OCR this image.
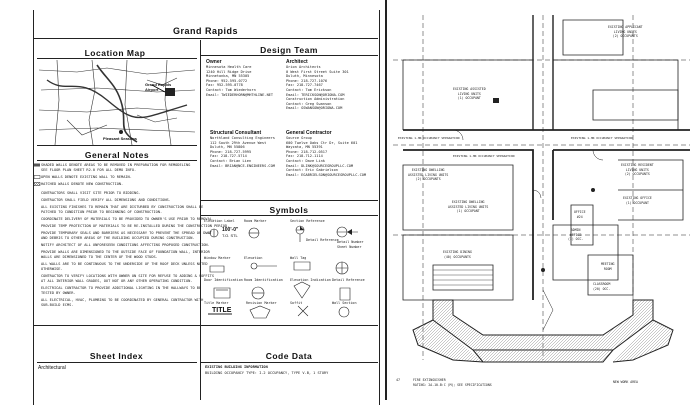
Grand Rapids
Location Map
Grand Rapids Airport
Pleasant Seasons
Design Team
Owner
Minnesota Health Care
1240 Hill Ridge Drive
Minnetonka, MN 55305
Phone: 952-595-0772
Fax: 952-595-0778
Contact: Tom Wiederhorn
Email: TWIEDERHORN@MHTHLINE.NET
Architect
Orion Architects
0 West First Street Suite 301
Duluth, Minnesota
Phone: 218-727-1076
Fax: 218-727-7467
Contact: Tom Erickson
Email: TERICKSON@ORIONA.COM
Construction Administration
Contact: Greg Swanson
Email: GSWANSON@ORIONA.COM
Structural Consultant
Northland Consulting Engineers
112 South 29th Avenue West
Duluth, MN 55806
Phone: 218-727-5995
Fax: 218-727-5714
Contact: Brian Lien
Email: BRIAN@NCE-ENGINEERS.COM
General Contractor
Source Group
600 Twelve Oaks Ctr Dr, Suite 601
Wayzata, MN 55391
Phone: 218-712-0517
Fax: 218-712-1114
Contact: Dave Link
Email: DLINK@SOURCEGROUPLLC.COM
Contact: Eric Gabrielson
Email: EGABRIELSON@SOURCEGROUPLLC.COM
General Notes
SHADED WALLS DENOTE AREAS TO BE REMOVED IN PREPARATION FOR REMODELING
SEE FLOOR PLAN SHEET R2.0 FOR ALL DEMO INFO.
OPEN WALLS DENOTE EXISTING WALL TO REMAIN.
HATCHED WALLS DENOTE NEW CONSTRUCTION.
CONTRACTORS SHALL VISIT SITE PRIOR TO BIDDING.
CONTRACTOR SHALL FIELD VERIFY ALL DIMENSIONS AND CONDITIONS.
ALL EXISTING FINISHES TO REMAIN THAT ARE DISTURBED BY CONSTRUCTION SHALL BE
PATCHED TO CONDITION PRIOR TO BEGINNING OF CONSTRUCTION.
COORDINATE DELIVERY OF MATERIALS TO BE PROVIDED TO OWNER'S USE PRIOR TO REMOVAL.
PROVIDE TEMP PROTECTION OF MATERIALS TO BE RE-INSTALLED DURING THE CONSTRUCTION PERIOD.
PROVIDE TEMPORARY SEALS AND BARRIERS AS NECESSARY TO PREVENT THE SPREAD OF DUST
AND DEBRIS TO OTHER AREAS OF THE BUILDING OCCUPIED DURING CONSTRUCTION.
NOTIFY ARCHITECT OF ALL UNFORESEEN CONDITIONS AFFECTING PROPOSED CONSTRUCTION.
PROVIDE WALLS ARE DIMENSIONED TO THE OUTSIDE FACE OF FOUNDATION WALL, INTERIOR
WALLS ARE DIMENSIONED TO THE CENTER OF THE WOOD STUDS.
ALL WALLS ARE TO BE CONTINUOUS TO THE UNDERSIDE OF THE ROOF DECK UNLESS NOTED
OTHERWISE.
CONTRACTOR TO VERIFY LOCATIONS WITH OWNER ON SITE FOR REFUSE TO ADDING & SOFFITS
AT ALL INTERIOR WALL GRADES, OUT NOT OR ANY OTHER OPERATING CONDITION.
ELECTRICAL CONTRACTOR TO PROVIDE ADDITIONAL LIGHTING IN THE HALLWAYS TO BE
TESTED BY OWNER.
ALL ELECTRICAL, HVAC, PLUMBING TO BE COORDINATED BY GENERAL CONTRACTOR WITH
SUB-BUILD ECMS.
Symbols
100'-0"
T.O. STL
TITLE
Elevation Label	Room Marker	Section Reference
Detail Reference
Detail Number
Sheet Number
Window Marker	Elevation
Door Identification Room Identification
Wall Tag
Title Marker	Revision Marker
Detail Reference
Elevation Indication
Soffit	Wall Section
Sheet Index
Architectural
Code Data
EXISTING BUILDING INFORMATION
BUILDING OCCUPANCY TYPE: I-2 OCCUPANCY, TYPE V-B, 1 STORY
EXISTING ASSISTED
LIVING UNITS
(1) OCCUPANT
EXISTING APPLICANT
LIVING UNITS
(2) OCCUPANTS
EXISTING DWELLING
ASSISTED LIVING UNITS
(2) OCCUPANTS
EXISTING RESIDENT
LIVING UNITS
(2) OCCUPANTS
EXISTING OFFICE
(1) OCCUPANT
EXISTING DWELLING
ASSISTED LIVING UNITS
(1) OCCUPANT	OFFICE
#24
ADMIN
OFFICE
(1) OCC.
MEETING
ROOM
CLASSROOM
(20) OCC.
EXISTING DINING
(40) OCCUPANTS
EXISTING 1-HR OCCUPANCY SEPARATION	EXISTING 1-HR OCCUPANCY SEPARATION
EXISTING 1-HR OCCUPANCY SEPARATION
FIRE EXTINGUISHER
RATING: 2A-10-B:C (M); SEE SPECIFICATIONS
NEW WORK AREA
47
